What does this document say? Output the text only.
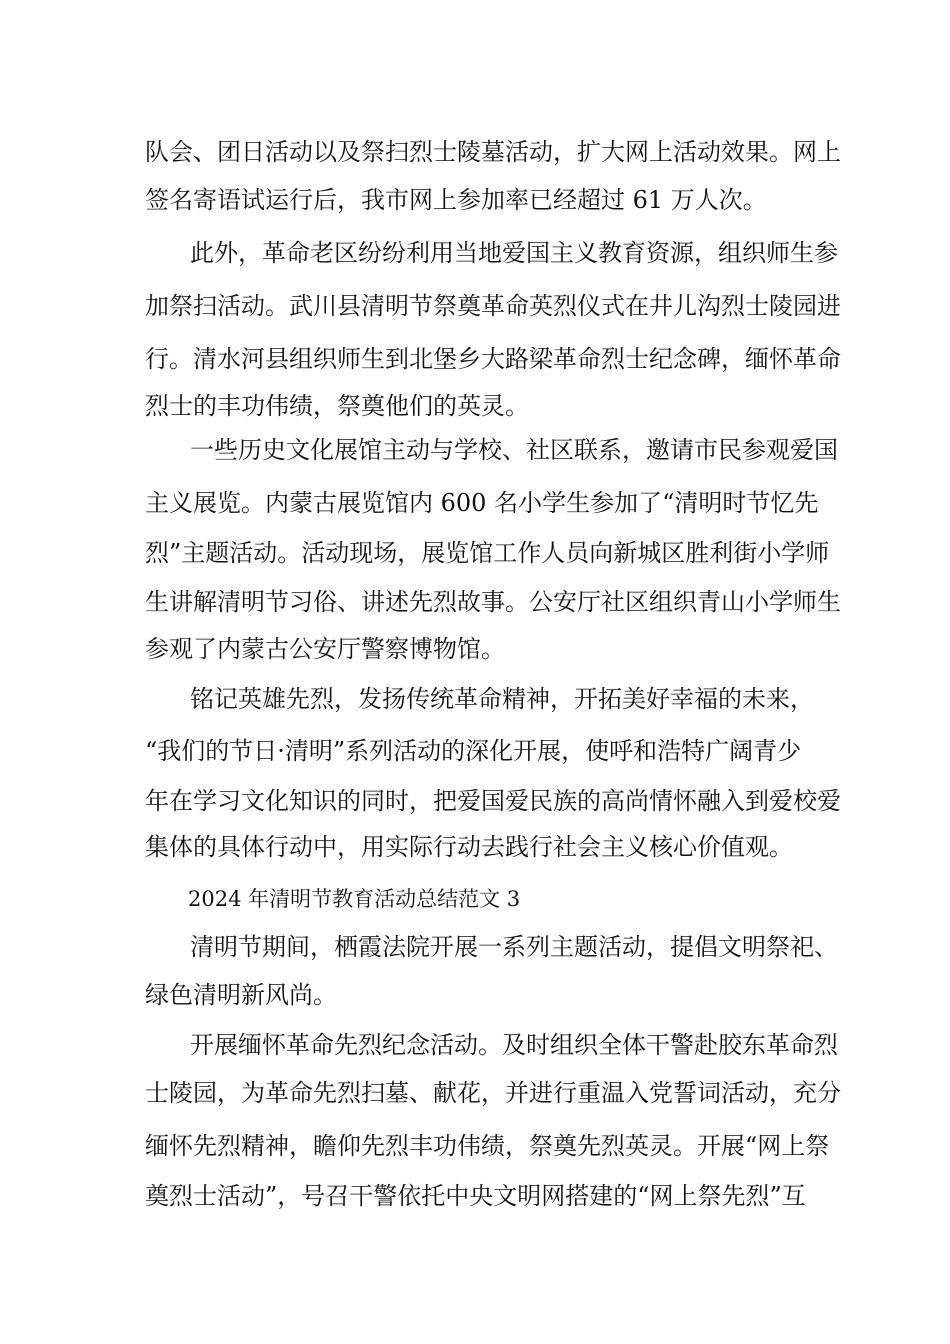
队会、团日活动以及祭扫烈士陵墓活动，扩大网上活动效果。网上
签名寄语试运行后，我市网上参加率已经超过 61 万人次。
此外，革命老区纷纷利用当地爱国主义教育资源，组织师生参
加祭扫活动。武川县清明节祭奠革命英烈仪式在井儿沟烈士陵园进
行。清水河县组织师生到北堡乡大路梁革命烈士纪念碑，缅怀革命
烈士的丰功伟绩，祭奠他们的英灵。
一些历史文化展馆主动与学校、社区联系，邀请市民参观爱国
主义展览。内蒙古展览馆内 600 名小学生参加了“清明时节忆先
烈”主题活动。活动现场，展览馆工作人员向新城区胜利街小学师
生讲解清明节习俗、讲述先烈故事。公安厅社区组织青山小学师生
参观了内蒙古公安厅警察博物馆。
铭记英雄先烈，发扬传统革命精神，开拓美好幸福的未来，
“我们的节日·清明”系列活动的深化开展，使呼和浩特广阔青少
年在学习文化知识的同时，把爱国爱民族的高尚情怀融入到爱校爱
集体的具体行动中，用实际行动去践行社会主义核心价值观。
2024 年清明节教育活动总结范文 3
清明节期间，栖霞法院开展一系列主题活动，提倡文明祭祀、
绿色清明新风尚。
开展缅怀革命先烈纪念活动。及时组织全体干警赴胶东革命烈
士陵园，为革命先烈扫墓、献花，并进行重温入党誓词活动，充分
缅怀先烈精神，瞻仰先烈丰功伟绩，祭奠先烈英灵。开展“网上祭
奠烈士活动”，号召干警依托中央文明网搭建的“网上祭先烈”互
